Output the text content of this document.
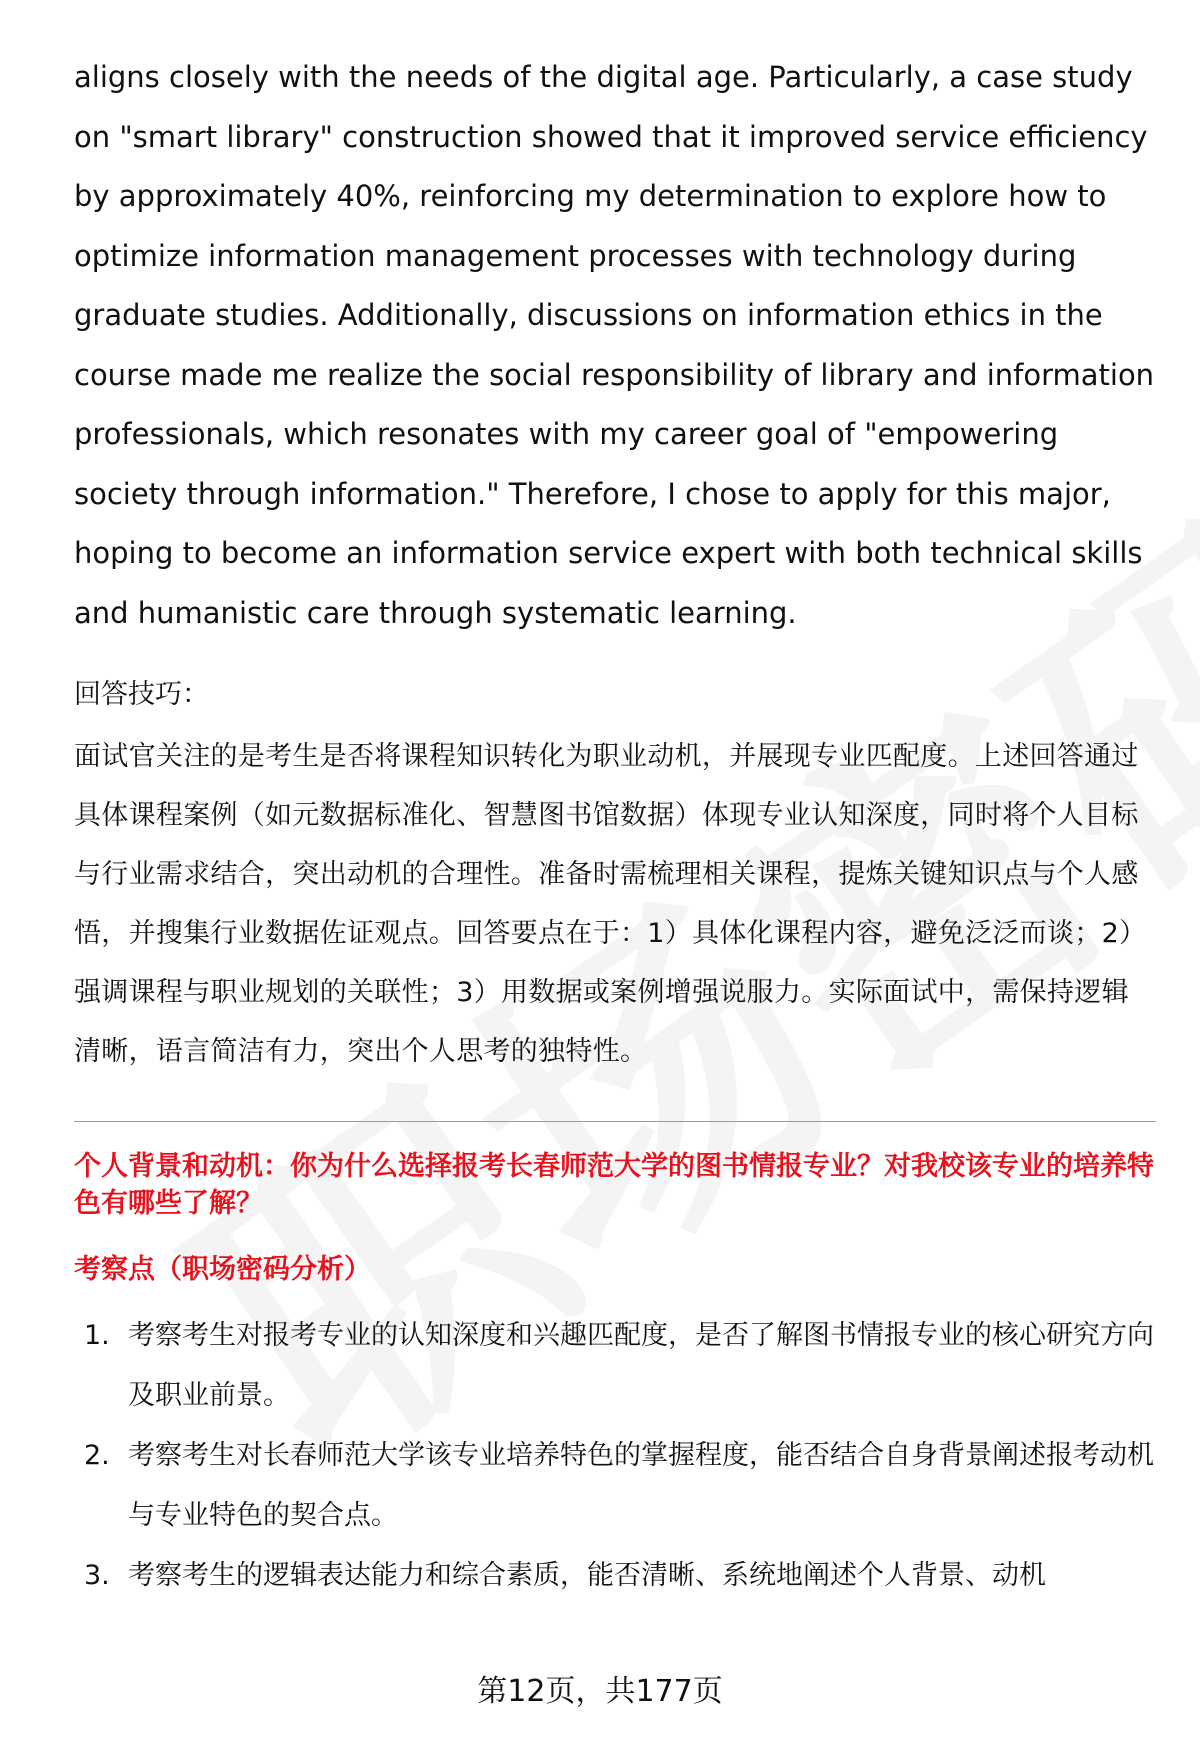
aligns closely with the needs of the digital age. Particularly, a case study on "smart library" construction showed that it improved service efficiency by approximately 40%, reinforcing my determination to explore how to optimize information management processes with technology during graduate studies. Additionally, discussions on information ethics in the course made me realize the social responsibility of library and information professionals, which resonates with my career goal of "empowering society through information." Therefore, I chose to apply for this major, hoping to become an information service expert with both technical skills and humanistic care through systematic learning.

回答技巧：
面试官关注的是考生是否将课程知识转化为职业动机，并展现专业匹配度。上述回答通过具体课程案例（如元数据标准化、智慧图书馆数据）体现专业认知深度，同时将个人目标与行业需求结合，突出动机的合理性。准备时需梳理相关课程，提炼关键知识点与个人感悟，并搜集行业数据佐证观点。回答要点在于：1）具体化课程内容，避免泛泛而谈；2）强调课程与职业规划的关联性；3）用数据或案例增强说服力。实际面试中，需保持逻辑清晰，语言简洁有力，突出个人思考的独特性。
个人背景和动机：你为什么选择报考长春师范大学的图书情报专业？对我校该专业的培养特色有哪些了解？
考察点（职场密码分析）
1. 考察考生对报考专业的认知深度和兴趣匹配度，是否了解图书情报专业的核心研究方向及职业前景。
2. 考察考生对长春师范大学该专业培养特色的掌握程度，能否结合自身背景阐述报考动机与专业特色的契合点。
3. 考察考生的逻辑表达能力和综合素质，能否清晰、系统地阐述个人背景、动机
第12页，共177页
